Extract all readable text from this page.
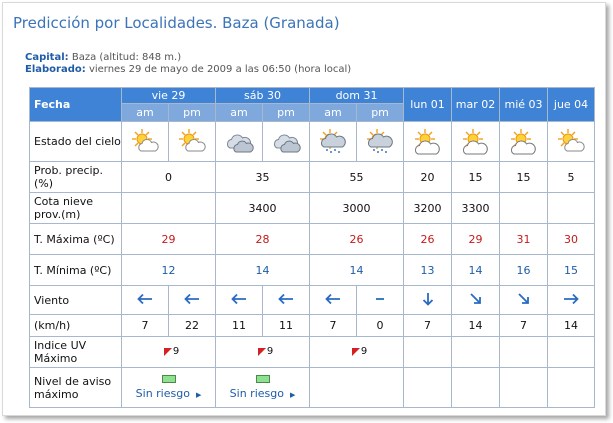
Predicción por Localidades. Baza (Granada)
Capital: Baza (altitud: 848 m.)
Elaborado: viernes 29 de mayo de 2009 a las 06:50 (hora local)
Fecha	vie 29		sáb 30		dom 31		lun 01	mar 02	mié 03	jue 04
	am	pm	am	pm	am	pm				
Estado del cielo										
Prob. precip.(%)	0		35		55		20	15	15	5
Cota nieve prov.(m)			3400		3000		3200	3300		
T. Máxima (ºC)	29		28		26		26	29	31	30
T. Mínima (ºC)	12		14		14		13	14	16	15
Viento										
(km/h)	7	22	11	11	7	0	7	14	7	14
Indice UV Máximo	9		9		9					

Nivel de aviso máximo	Sin riesgo ▶		Sin riesgo ▶							
